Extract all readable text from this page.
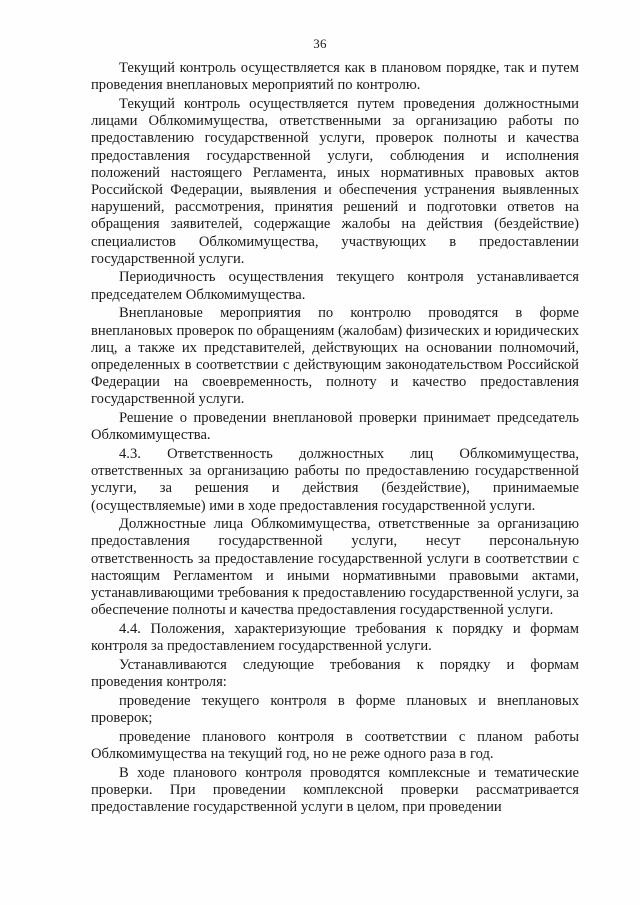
36

Текущий контроль осуществляется как в плановом порядке, так и путем проведения внеплановых мероприятий по контролю.

Текущий контроль осуществляется путем проведения должностными лицами Облкомимущества, ответственными за организацию работы по предоставлению государственной услуги, проверок полноты и качества предоставления государственной услуги, соблюдения и исполнения положений настоящего Регламента, иных нормативных правовых актов Российской Федерации, выявления и обеспечения устранения выявленных нарушений, рассмотрения, принятия решений и подготовки ответов на обращения заявителей, содержащие жалобы на действия (бездействие) специалистов Облкомимущества, участвующих в предоставлении государственной услуги.

Периодичность осуществления текущего контроля устанавливается председателем Облкомимущества.

Внеплановые мероприятия по контролю проводятся в форме внеплановых проверок по обращениям (жалобам) физических и юридических лиц, а также их представителей, действующих на основании полномочий, определенных в соответствии с действующим законодательством Российской Федерации на своевременность, полноту и качество предоставления государственной услуги.

Решение о проведении внеплановой проверки принимает председатель Облкомимущества.

4.3. Ответственность должностных лиц Облкомимущества, ответственных за организацию работы по предоставлению государственной услуги, за решения и действия (бездействие), принимаемые (осуществляемые) ими в ходе предоставления государственной услуги.

Должностные лица Облкомимущества, ответственные за организацию предоставления государственной услуги, несут персональную ответственность за предоставление государственной услуги в соответствии с настоящим Регламентом и иными нормативными правовыми актами, устанавливающими требования к предоставлению государственной услуги, за обеспечение полноты и качества предоставления государственной услуги.

4.4. Положения, характеризующие требования к порядку и формам контроля за предоставлением государственной услуги.

Устанавливаются следующие требования к порядку и формам проведения контроля:

проведение текущего контроля в форме плановых и внеплановых проверок;

проведение планового контроля в соответствии с планом работы Облкомимущества на текущий год, но не реже одного раза в год.

В ходе планового контроля проводятся комплексные и тематические проверки. При проведении комплексной проверки рассматривается предоставление государственной услуги в целом, при проведении
